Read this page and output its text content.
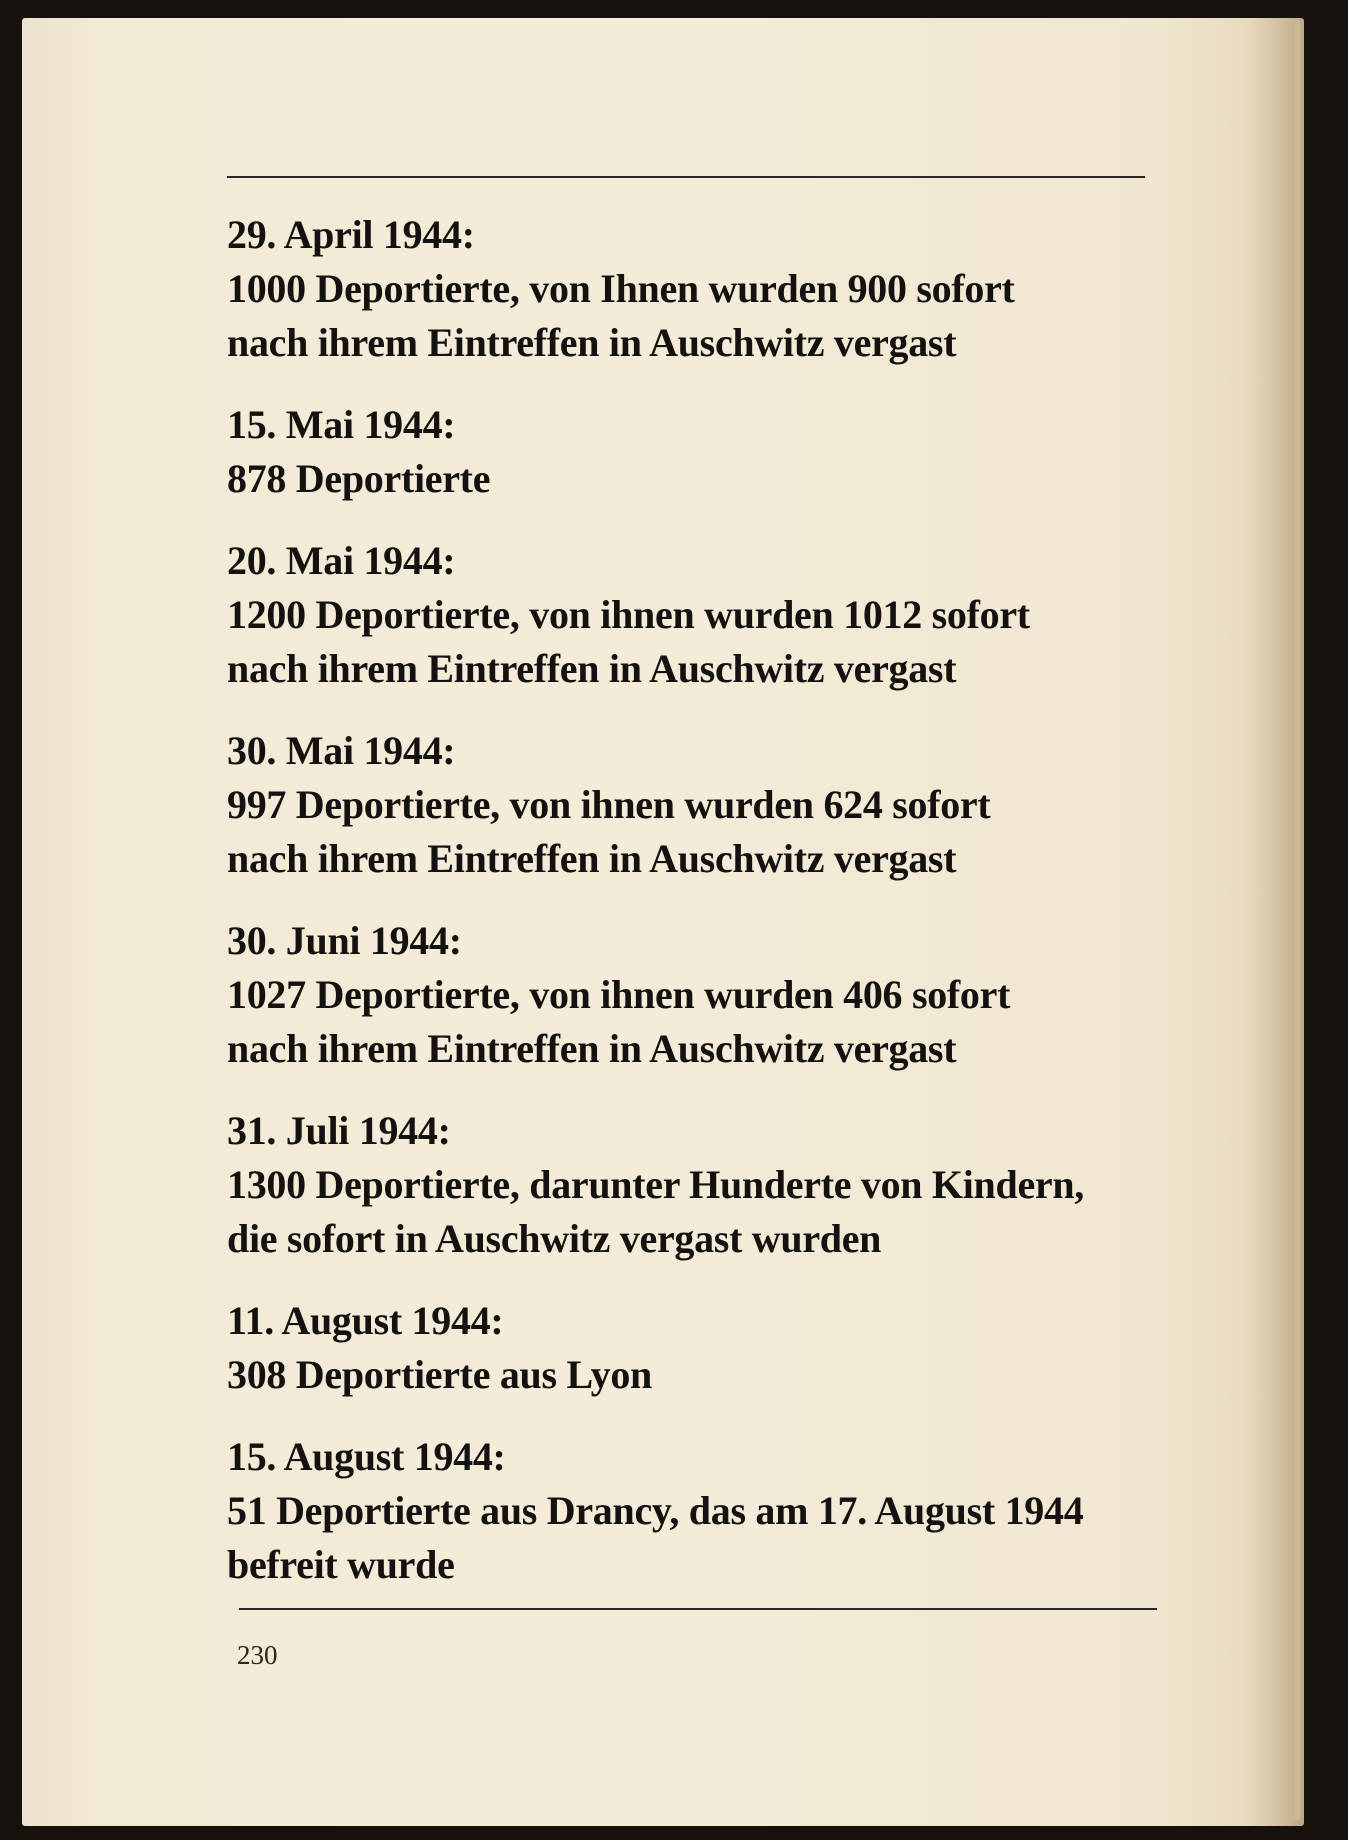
29. April 1944:
1000 Deportierte, von Ihnen wurden 900 sofort
nach ihrem Eintreffen in Auschwitz vergast
15. Mai 1944:
878 Deportierte
20. Mai 1944:
1200 Deportierte, von ihnen wurden 1012 sofort
nach ihrem Eintreffen in Auschwitz vergast
30. Mai 1944:
997 Deportierte, von ihnen wurden 624 sofort
nach ihrem Eintreffen in Auschwitz vergast
30. Juni 1944:
1027 Deportierte, von ihnen wurden 406 sofort
nach ihrem Eintreffen in Auschwitz vergast
31. Juli 1944:
1300 Deportierte, darunter Hunderte von Kindern,
die sofort in Auschwitz vergast wurden
11. August 1944:
308 Deportierte aus Lyon
15. August 1944:
51 Deportierte aus Drancy, das am 17. August 1944
befreit wurde
230
